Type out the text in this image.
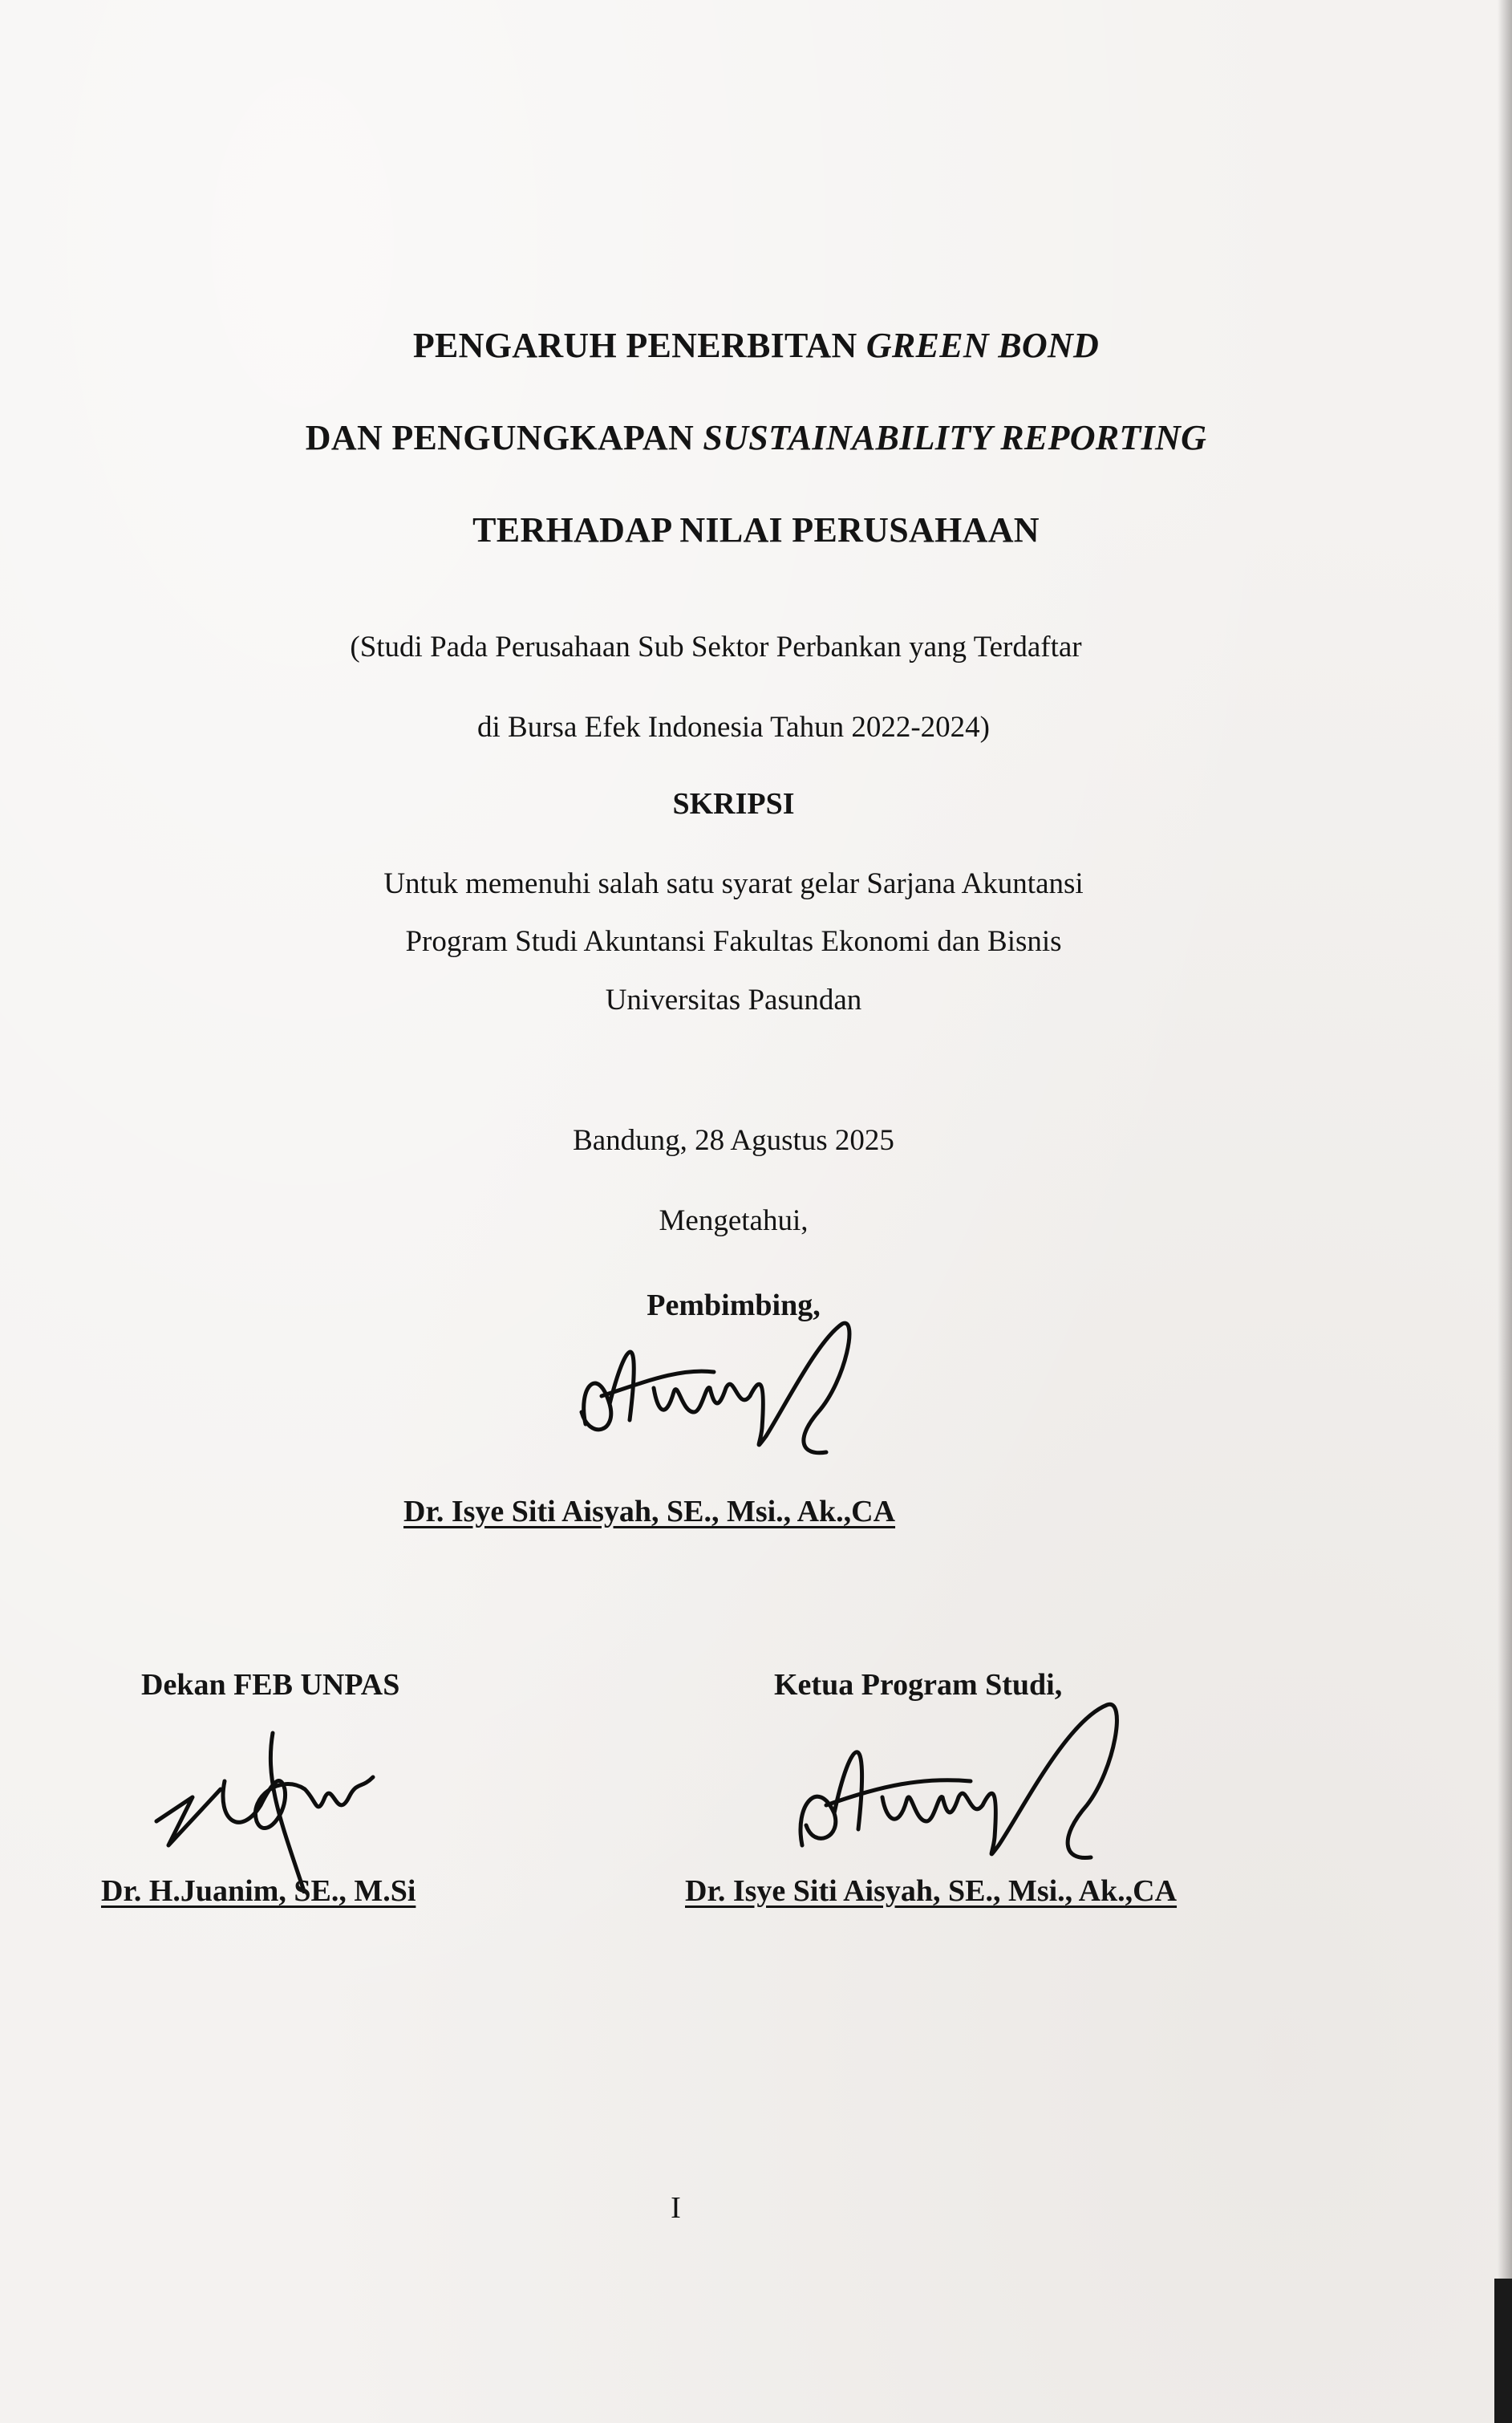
PENGARUH PENERBITAN GREEN BOND
DAN PENGUNGKAPAN SUSTAINABILITY REPORTING
TERHADAP NILAI PERUSAHAAN
(Studi Pada Perusahaan Sub Sektor Perbankan yang Terdaftar
di Bursa Efek Indonesia Tahun 2022-2024)
SKRIPSI
Untuk memenuhi salah satu syarat gelar Sarjana Akuntansi
Program Studi Akuntansi Fakultas Ekonomi dan Bisnis
Universitas Pasundan
Bandung, 28 Agustus 2025
Mengetahui,
Pembimbing,
Dr. Isye Siti Aisyah, SE., Msi., Ak.,CA
Dekan FEB UNPAS	Ketua Program Studi,
Dr. H.Juanim, SE., M.Si	Dr. Isye Siti Aisyah, SE., Msi., Ak.,CA
I
